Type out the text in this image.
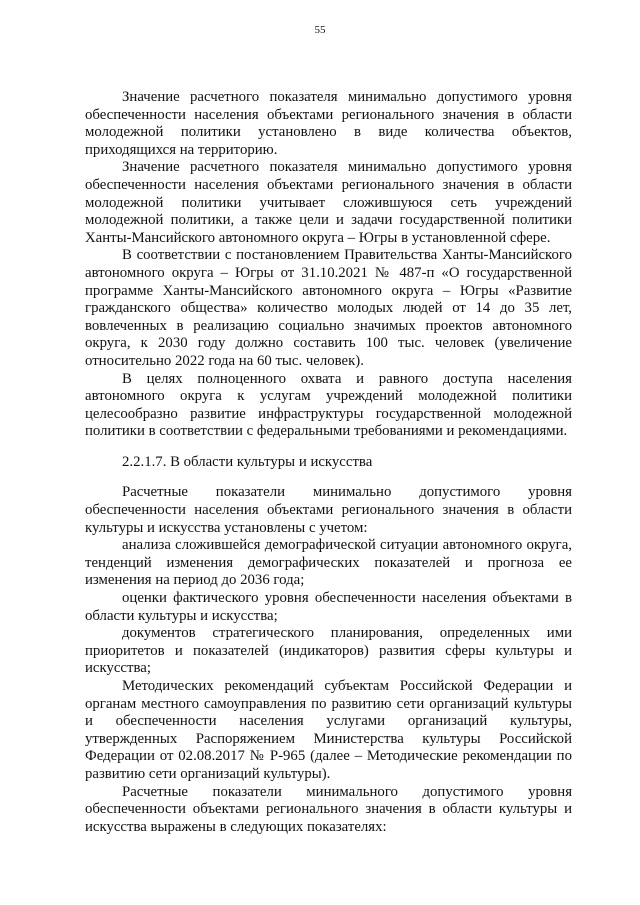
55

Значение расчетного показателя минимально допустимого уровня обеспеченности населения объектами регионального значения в области молодежной политики установлено в виде количества объектов, приходящихся на территорию.

Значение расчетного показателя минимально допустимого уровня обеспеченности населения объектами регионального значения в области молодежной политики учитывает сложившуюся сеть учреждений молодежной политики, а также цели и задачи государственной политики Ханты-Мансийского автономного округа – Югры в установленной сфере.

В соответствии с постановлением Правительства Ханты-Мансийского автономного округа – Югры от 31.10.2021 № 487-п «О государственной программе Ханты-Мансийского автономного округа – Югры «Развитие гражданского общества» количество молодых людей от 14 до 35 лет, вовлеченных в реализацию социально значимых проектов автономного округа, к 2030 году должно составить 100 тыс. человек (увеличение относительно 2022 года на 60 тыс. человек).

В целях полноценного охвата и равного доступа населения автономного округа к услугам учреждений молодежной политики целесообразно развитие инфраструктуры государственной молодежной политики в соответствии с федеральными требованиями и рекомендациями.

2.2.1.7. В области культуры и искусства

Расчетные показатели минимально допустимого уровня обеспеченности населения объектами регионального значения в области культуры и искусства установлены с учетом:

анализа сложившейся демографической ситуации автономного округа, тенденций изменения демографических показателей и прогноза ее изменения на период до 2036 года;

оценки фактического уровня обеспеченности населения объектами в области культуры и искусства;

документов стратегического планирования, определенных ими приоритетов и показателей (индикаторов) развития сферы культуры и искусства;

Методических рекомендаций субъектам Российской Федерации и органам местного самоуправления по развитию сети организаций культуры и обеспеченности населения услугами организаций культуры, утвержденных Распоряжением Министерства культуры Российской Федерации от 02.08.2017 № Р-965 (далее – Методические рекомендации по развитию сети организаций культуры).

Расчетные показатели минимального допустимого уровня обеспеченности объектами регионального значения в области культуры и искусства выражены в следующих показателях:
